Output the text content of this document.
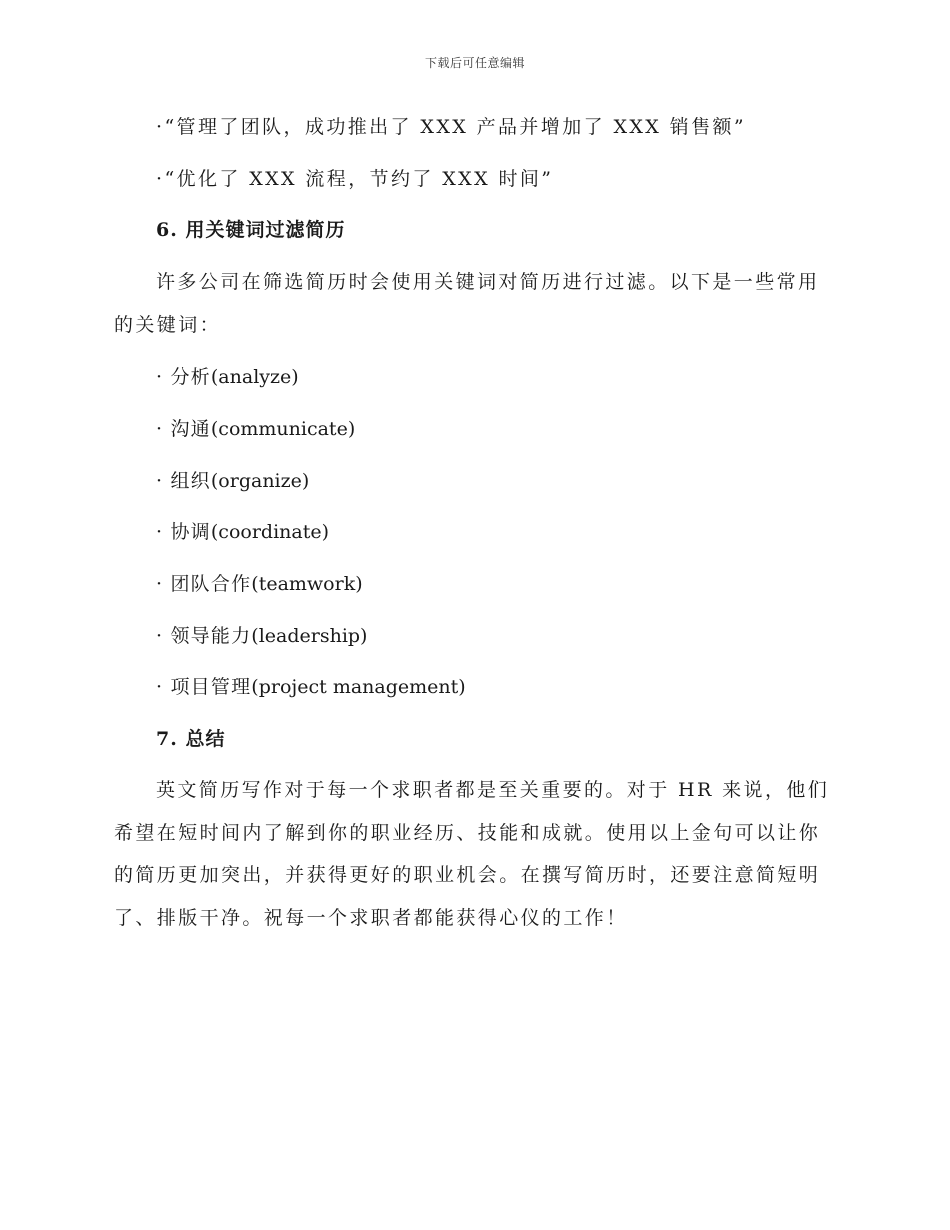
下载后可任意编辑
·“管理了团队，成功推出了 XXX 产品并增加了 XXX 销售额”
·“优化了 XXX 流程，节约了 XXX 时间”
6. 用关键词过滤简历
许多公司在筛选简历时会使用关键词对简历进行过滤。以下是一些常用
的关键词：
· 分析(analyze)
· 沟通(communicate)
· 组织(organize)
· 协调(coordinate)
· 团队合作(teamwork)
· 领导能力(leadership)
· 项目管理(project management)
7. 总结
英文简历写作对于每一个求职者都是至关重要的。对于 HR 来说，他们
希望在短时间内了解到你的职业经历、技能和成就。使用以上金句可以让你
的简历更加突出，并获得更好的职业机会。在撰写简历时，还要注意简短明
了、排版干净。祝每一个求职者都能获得心仪的工作！
